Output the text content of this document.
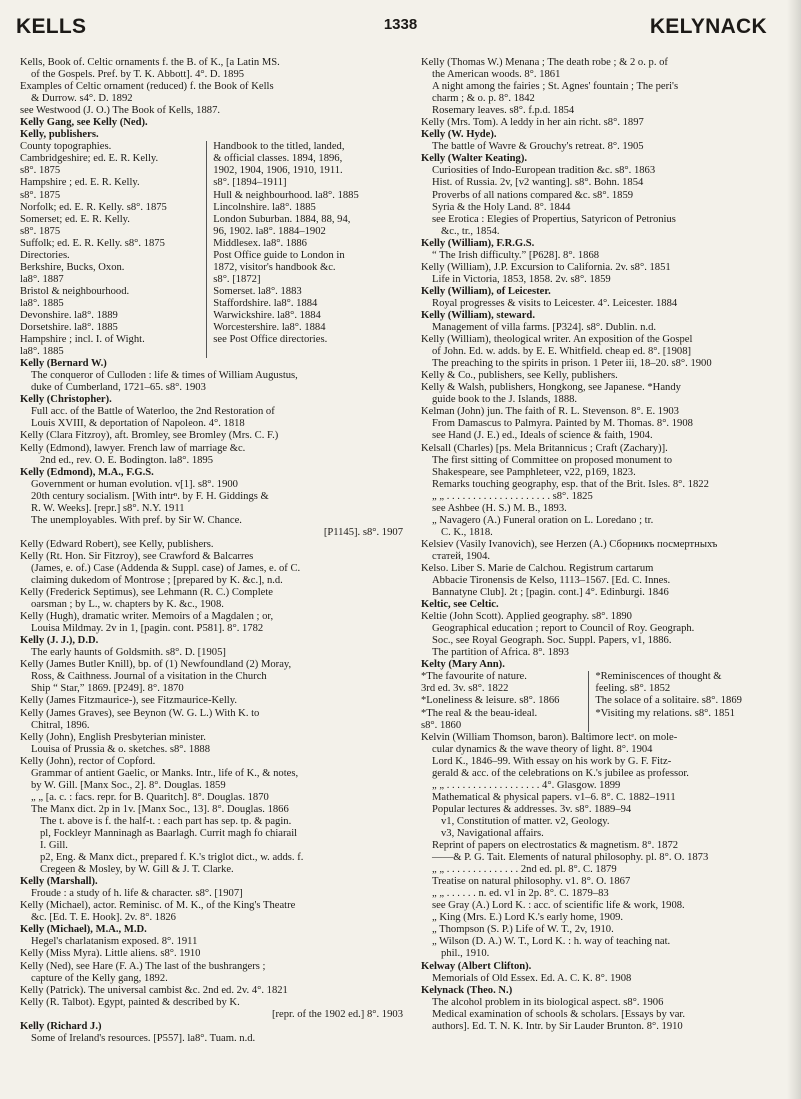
KELLS	1338	KELYNACK
Kells, Book of. Celtic ornaments f. the B. of K., [a Latin MS.
of the Gospels. Pref. by T. K. Abbott]. 4°. D. 1895
Examples of Celtic ornament (reduced) f. the Book of Kells
& Durrow. s4°. D. 1892
see Westwood (J. O.) The Book of Kells, 1887.
Kelly Gang, see Kelly (Ned).
Kelly, publishers.
County topographies.
Cambridgeshire; ed. E. R. Kelly.
s8°. 1875
Hampshire ; ed. E. R. Kelly.
s8°. 1875
Norfolk; ed. E. R. Kelly. s8°. 1875
Somerset; ed. E. R. Kelly.
s8°. 1875
Suffolk; ed. E. R. Kelly. s8°. 1875
Directories.
Berkshire, Bucks, Oxon.
la8°. 1887
Bristol & neighbourhood.
la8°. 1885
Devonshire. la8°. 1889
Dorsetshire. la8°. 1885
Hampshire ; incl. I. of Wight.
la8°. 1885
Handbook to the titled, landed,
& official classes. 1894, 1896,
1902, 1904, 1906, 1910, 1911.
s8°. [1894–1911]
Hull & neighbourhood. la8°. 1885
Lincolnshire. la8°. 1885
London Suburban. 1884, 88, 94,
96, 1902. la8°. 1884–1902
Middlesex. la8°. 1886
Post Office guide to London in
1872, visitor's handbook &c.
s8°. [1872]
Somerset. la8°. 1883
Staffordshire. la8°. 1884
Warwickshire. la8°. 1884
Worcestershire. la8°. 1884
see Post Office directories.
Kelly (Bernard W.)
The conqueror of Culloden : life & times of William Augustus,
duke of Cumberland, 1721–65. s8°. 1903
Kelly (Christopher).
Full acc. of the Battle of Waterloo, the 2nd Restoration of
Louis XVIII, & deportation of Napoleon. 4°. 1818
Kelly (Clara Fitzroy), aft. Bromley, see Bromley (Mrs. C. F.)
Kelly (Edmond), lawyer. French law of marriage &c.
2nd ed., rev. O. E. Bodington. la8°. 1895
Kelly (Edmond), M.A., F.G.S.
Government or human evolution. v[1]. s8°. 1900
20th century socialism. [With intrⁿ. by F. H. Giddings &
R. W. Weeks]. [repr.] s8°. N.Y. 1911
The unemployables. With pref. by Sir W. Chance.
[P1145]. s8°. 1907
Kelly (Edward Robert), see Kelly, publishers.
Kelly (Rt. Hon. Sir Fitzroy), see Crawford & Balcarres
(James, e. of.) Case (Addenda & Suppl. case) of James, e. of C.
claiming dukedom of Montrose ; [prepared by K. &c.], n.d.
Kelly (Frederick Septimus), see Lehmann (R. C.) Complete
oarsman ; by L., w. chapters by K. &c., 1908.
Kelly (Hugh), dramatic writer. Memoirs of a Magdalen ; or,
Louisa Mildmay. 2v in 1, [pagin. cont. P581]. 8°. 1782
Kelly (J. J.), D.D.
The early haunts of Goldsmith. s8°. D. [1905]
Kelly (James Butler Knill), bp. of (1) Newfoundland (2) Moray,
Ross, & Caithness. Journal of a visitation in the Church
Ship “ Star,” 1869. [P249]. 8°. 1870
Kelly (James Fitzmaurice-), see Fitzmaurice-Kelly.
Kelly (James Graves), see Beynon (W. G. L.) With K. to
Chitral, 1896.
Kelly (John), English Presbyterian minister.
Louisa of Prussia & o. sketches. s8°. 1888
Kelly (John), rector of Copford.
Grammar of antient Gaelic, or Manks. Intr., life of K., & notes,
by W. Gill. [Manx Soc., 2]. 8°. Douglas. 1859
„ „ [a. c. : facs. repr. for B. Quaritch]. 8°. Douglas. 1870
The Manx dict. 2p in 1v. [Manx Soc., 13]. 8°. Douglas. 1866
The t. above is f. the half-t. : each part has sep. tp. & pagin.
pl, Fockleyr Manninagh as Baarlagh. Currit magh fo chiarail
I. Gill.
p2, Eng. & Manx dict., prepared f. K.'s triglot dict., w. adds. f.
Cregeen & Mosley, by W. Gill & J. T. Clarke.
Kelly (Marshall).
Froude : a study of h. life & character. s8°. [1907]
Kelly (Michael), actor. Reminisc. of M. K., of the King's Theatre
&c. [Ed. T. E. Hook]. 2v. 8°. 1826
Kelly (Michael), M.A., M.D.
Hegel's charlatanism exposed. 8°. 1911
Kelly (Miss Myra). Little aliens. s8°. 1910
Kelly (Ned), see Hare (F. A.) The last of the bushrangers ;
capture of the Kelly gang, 1892.
Kelly (Patrick). The universal cambist &c. 2nd ed. 2v. 4°. 1821
Kelly (R. Talbot). Egypt, painted & described by K.
[repr. of the 1902 ed.] 8°. 1903
Kelly (Richard J.)
Some of Ireland's resources. [P557]. la8°. Tuam. n.d.
Kelly (Thomas W.) Menana ; The death robe ; & 2 o. p. of
the American woods. 8°. 1861
A night among the fairies ; St. Agnes' fountain ; The peri's
charm ; & o. p. 8°. 1842
Rosemary leaves. s8°. f.p.d. 1854
Kelly (Mrs. Tom). A leddy in her ain richt. s8°. 1897
Kelly (W. Hyde).
The battle of Wavre & Grouchy's retreat. 8°. 1905
Kelly (Walter Keating).
Curiosities of Indo-European tradition &c. s8°. 1863
Hist. of Russia. 2v, [v2 wanting]. s8°. Bohn. 1854
Proverbs of all nations compared &c. s8°. 1859
Syria & the Holy Land. 8°. 1844
see Erotica : Elegies of Propertius, Satyricon of Petronius
&c., tr., 1854.
Kelly (William), F.R.G.S.
“ The Irish difficulty.” [P628]. 8°. 1868
Kelly (William), J.P. Excursion to California. 2v. s8°. 1851
Life in Victoria, 1853, 1858. 2v. s8°. 1859
Kelly (William), of Leicester.
Royal progresses & visits to Leicester. 4°. Leicester. 1884
Kelly (William), steward.
Management of villa farms. [P324]. s8°. Dublin. n.d.
Kelly (William), theological writer. An exposition of the Gospel
of John. Ed. w. adds. by E. E. Whitfield. cheap ed. 8°. [1908]
The preaching to the spirits in prison. 1 Peter iii, 18–20. s8°. 1900
Kelly & Co., publishers, see Kelly, publishers.
Kelly & Walsh, publishers, Hongkong, see Japanese. *Handy
guide book to the J. Islands, 1888.
Kelman (John) jun. The faith of R. L. Stevenson. 8°. E. 1903
From Damascus to Palmyra. Painted by M. Thomas. 8°. 1908
see Hand (J. E.) ed., Ideals of science & faith, 1904.
Kelsall (Charles) [ps. Mela Britannicus ; Craft (Zachary)].
The first sitting of Committee on proposed monument to
Shakespeare, see Pamphleteer, v22, p169, 1823.
Remarks touching geography, esp. that of the Brit. Isles. 8°. 1822
„ „ . . . . . . . . . . . . . . . . . . . . s8°. 1825
see Ashbee (H. S.) M. B., 1893.
„ Navagero (A.) Funeral oration on L. Loredano ; tr.
C. K., 1818.
Kelsiev (Vasily Ivanovich), see Herzen (A.) Сборникъ посмертныхъ
статей, 1904.
Kelso. Liber S. Marie de Calchou. Registrum cartarum
Abbacie Tironensis de Kelso, 1113–1567. [Ed. C. Innes.
Bannatyne Club]. 2t ; [pagin. cont.] 4°. Edinburgi. 1846
Keltic, see Celtic.
Keltie (John Scott). Applied geography. s8°. 1890
Geographical education ; report to Council of Roy. Geograph.
Soc., see Royal Geograph. Soc. Suppl. Papers, v1, 1886.
The partition of Africa. 8°. 1893
Kelty (Mary Ann).
*The favourite of nature.
3rd ed. 3v. s8°. 1822
*Loneliness & leisure. s8°. 1866
*The real & the beau-ideal.
s8°. 1860
*Reminiscences of thought &
feeling. s8°. 1852
The solace of a solitaire. s8°. 1869
*Visiting my relations. s8°. 1851
Kelvin (William Thomson, baron). Baltimore lectᵉ. on mole-
cular dynamics & the wave theory of light. 8°. 1904
Lord K., 1846–99. With essay on his work by G. F. Fitz-
gerald & acc. of the celebrations on K.'s jubilee as professor.
„ „ . . . . . . . . . . . . . . . . . . 4°. Glasgow. 1899
Mathematical & physical papers. v1–6. 8°. C. 1882–1911
Popular lectures & addresses. 3v. s8°. 1889–94
v1, Constitution of matter. v2, Geology.
v3, Navigational affairs.
Reprint of papers on electrostatics & magnetism. 8°. 1872
——& P. G. Tait. Elements of natural philosophy. pl. 8°. O. 1873
„ „ . . . . . . . . . . . . . . 2nd ed. pl. 8°. C. 1879
Treatise on natural philosophy. v1. 8°. O. 1867
„ „ . . . . . . n. ed. v1 in 2p. 8°. C. 1879–83
see Gray (A.) Lord K. : acc. of scientific life & work, 1908.
„ King (Mrs. E.) Lord K.'s early home, 1909.
„ Thompson (S. P.) Life of W. T., 2v, 1910.
„ Wilson (D. A.) W. T., Lord K. : h. way of teaching nat.
phil., 1910.
Kelway (Albert Clifton).
Memorials of Old Essex. Ed. A. C. K. 8°. 1908
Kelynack (Theo. N.)
The alcohol problem in its biological aspect. s8°. 1906
Medical examination of schools & scholars. [Essays by var.
authors]. Ed. T. N. K. Intr. by Sir Lauder Brunton. 8°. 1910
